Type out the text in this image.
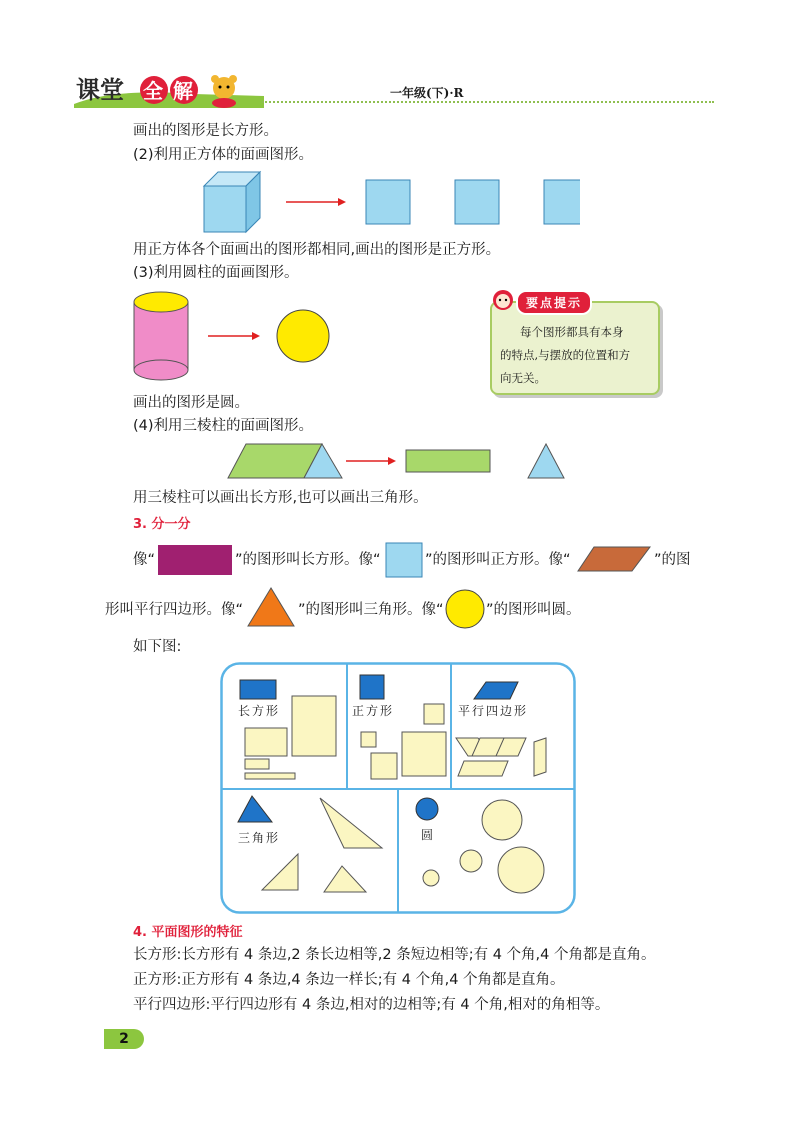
课堂 全 解	一年级(下)·R
画出的图形是长方形。
(2)利用正方体的面画图形。
用正方体各个面画出的图形都相同,画出的图形是正方形。
(3)利用圆柱的面画图形。
每个图形都具有本身
的特点,与摆放的位置和方
向无关。
要点提示
画出的图形是圆。
(4)利用三棱柱的面画图形。
用三棱柱可以画出长方形,也可以画出三角形。
3. 分一分
像“	”的图形叫长方形。像“	”的图形叫正方形。像“	”的图
形叫平行四边形。像“	”的图形叫三角形。像“	”的图形叫圆。
如下图:
长方形	正方形	平行四边形
三角形	圆
4. 平面图形的特征
长方形:长方形有 4 条边,2 条长边相等,2 条短边相等;有 4 个角,4 个角都是直角。
正方形:正方形有 4 条边,4 条边一样长;有 4 个角,4 个角都是直角。
平行四边形:平行四边形有 4 条边,相对的边相等;有 4 个角,相对的角相等。
2
